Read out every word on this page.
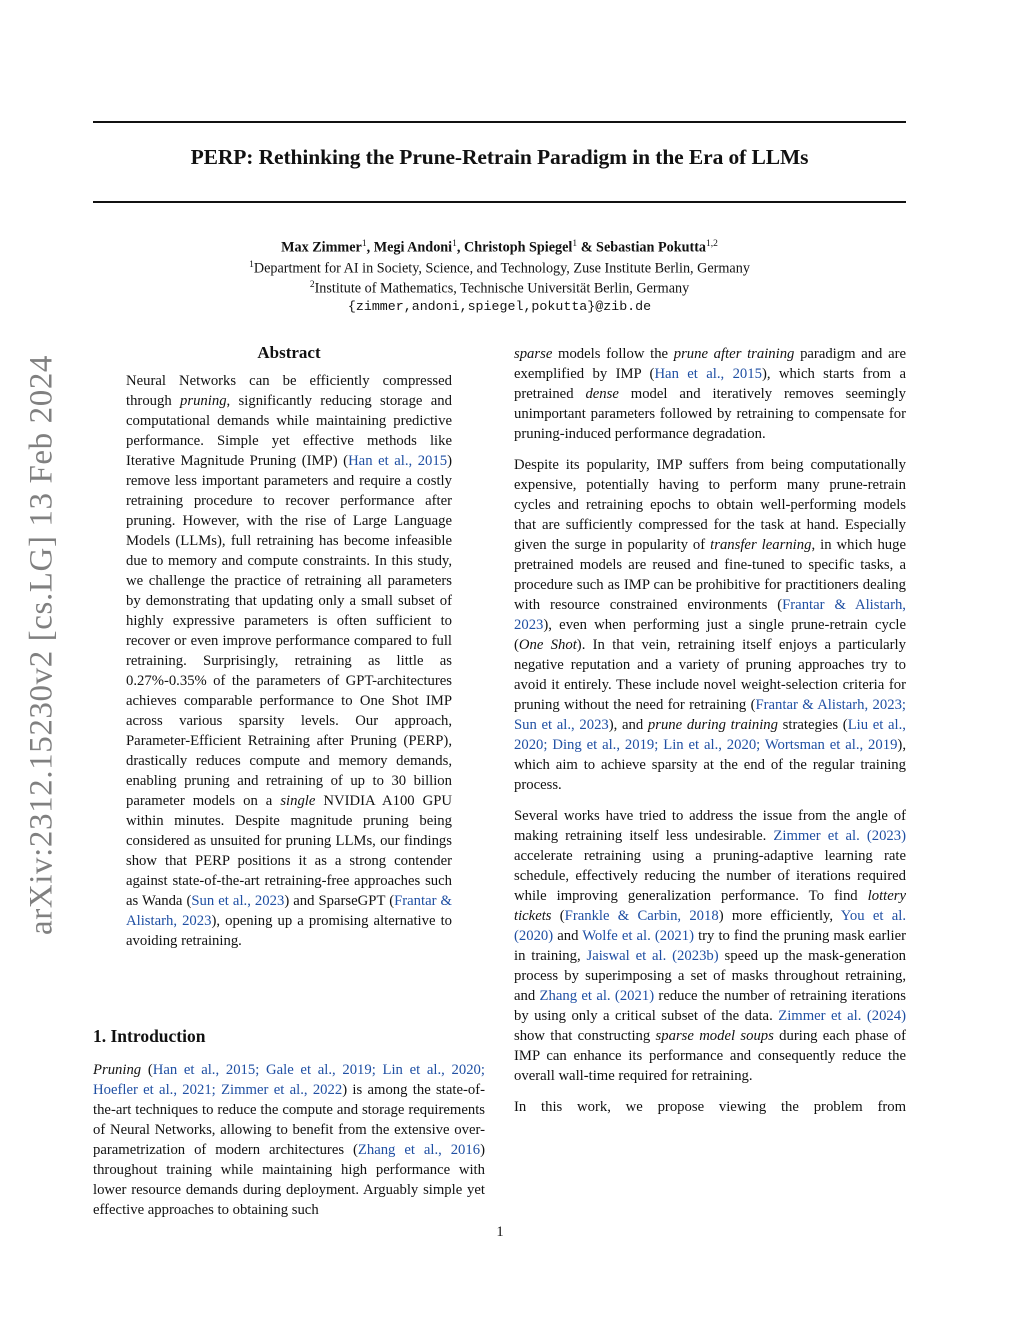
PERP: Rethinking the Prune-Retrain Paradigm in the Era of LLMs
Max Zimmer$^1$, Megi Andoni$^1$, Christoph Spiegel$^1$ & Sebastian Pokutta$^{1,2}$
$^1$Department for AI in Society, Science, and Technology, Zuse Institute Berlin, Germany
$^2$Institute of Mathematics, Technische Universität Berlin, Germany
{zimmer,andoni,spiegel,pokutta}@zib.de
arXiv:2312.15230v2 [cs.LG] 13 Feb 2024
Abstract

Neural Networks can be efficiently compressed through pruning, significantly reducing storage and computational demands while maintaining predictive performance. Simple yet effective methods like Iterative Magnitude Pruning (IMP) (Han et al., 2015) remove less important parameters and require a costly retraining procedure to recover performance after pruning. However, with the rise of Large Language Models (LLMs), full retraining has become infeasible due to memory and compute constraints. In this study, we challenge the practice of retraining all parameters by demonstrating that updating only a small subset of highly expressive parameters is often sufficient to recover or even improve performance compared to full retraining. Surprisingly, retraining as little as 0.27%-0.35% of the parameters of GPT-architectures achieves comparable performance to One Shot IMP across various sparsity levels. Our approach, Parameter-Efficient Retraining after Pruning (PERP), drastically reduces compute and memory demands, enabling pruning and retraining of up to 30 billion parameter models on a single NVIDIA A100 GPU within minutes. Despite magnitude pruning being considered as unsuited for pruning LLMs, our findings show that PERP positions it as a strong contender against state-of-the-art retraining-free approaches such as Wanda (Sun et al., 2023) and SparseGPT (Frantar & Alistarh, 2023), opening up a promising alternative to avoiding retraining.

1. Introduction

Pruning (Han et al., 2015; Gale et al., 2019; Lin et al., 2020; Hoefler et al., 2021; Zimmer et al., 2022) is among the state-of-the-art techniques to reduce the compute and storage requirements of Neural Networks, allowing to benefit from the extensive over-parametrization of modern architectures (Zhang et al., 2016) throughout training while maintaining high performance with lower resource demands during deployment. Arguably simple yet effective approaches to obtaining such

sparse models follow the prune after training paradigm and are exemplified by IMP (Han et al., 2015), which starts from a pretrained dense model and iteratively removes seemingly unimportant parameters followed by retraining to compensate for pruning-induced performance degradation.

Despite its popularity, IMP suffers from being computationally expensive, potentially having to perform many prune-retrain cycles and retraining epochs to obtain well-performing models that are sufficiently compressed for the task at hand. Especially given the surge in popularity of transfer learning, in which huge pretrained models are reused and fine-tuned to specific tasks, a procedure such as IMP can be prohibitive for practitioners dealing with resource constrained environments (Frantar & Alistarh, 2023), even when performing just a single prune-retrain cycle (One Shot). In that vein, retraining itself enjoys a particularly negative reputation and a variety of pruning approaches try to avoid it entirely. These include novel weight-selection criteria for pruning without the need for retraining (Frantar & Alistarh, 2023; Sun et al., 2023), and prune during training strategies (Liu et al., 2020; Ding et al., 2019; Lin et al., 2020; Wortsman et al., 2019), which aim to achieve sparsity at the end of the regular training process.

Several works have tried to address the issue from the angle of making retraining itself less undesirable. Zimmer et al. (2023) accelerate retraining using a pruning-adaptive learning rate schedule, effectively reducing the number of iterations required while improving generalization performance. To find lottery tickets (Frankle & Carbin, 2018) more efficiently, You et al. (2020) and Wolfe et al. (2021) try to find the pruning mask earlier in training, Jaiswal et al. (2023b) speed up the mask-generation process by superimposing a set of masks throughout retraining, and Zhang et al. (2021) reduce the number of retraining iterations by using only a critical subset of the data. Zimmer et al. (2024) show that constructing sparse model soups during each phase of IMP can enhance its performance and consequently reduce the overall wall-time required for retraining.

In this work, we propose viewing the problem from

1
